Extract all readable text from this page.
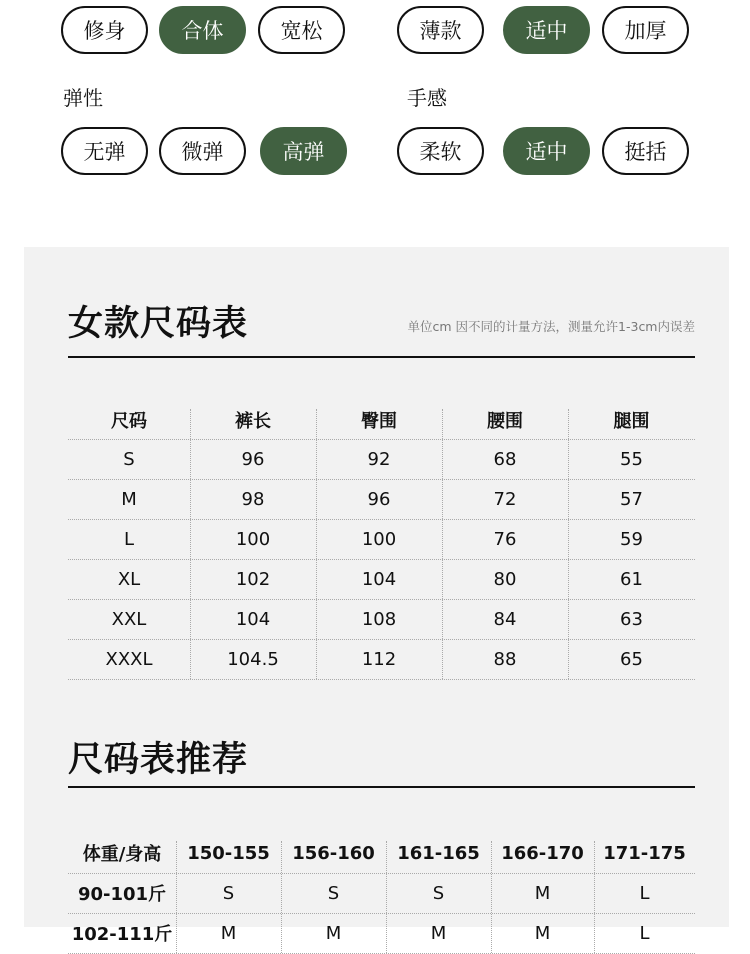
修身	合体	宽松	薄款	适中	加厚
弹性	手感
无弹	微弹	高弹	柔软	适中	挺括
女款尺码表	单位cm 因不同的计量方法，测量允许1-3cm内误差
尺码	裤长	臀围	腰围	腿围
S	96	92	68	55
M	98	96	72	57
L	100	100	76	59
XL	102	104	80	61
XXL	104	108	84	63
XXXL	104.5	112	88	65
尺码表推荐
体重/身高	150-155	156-160	161-165	166-170	171-175
90-101斤	S	S	S	M	L
102-111斤	M	M	M	M	L
